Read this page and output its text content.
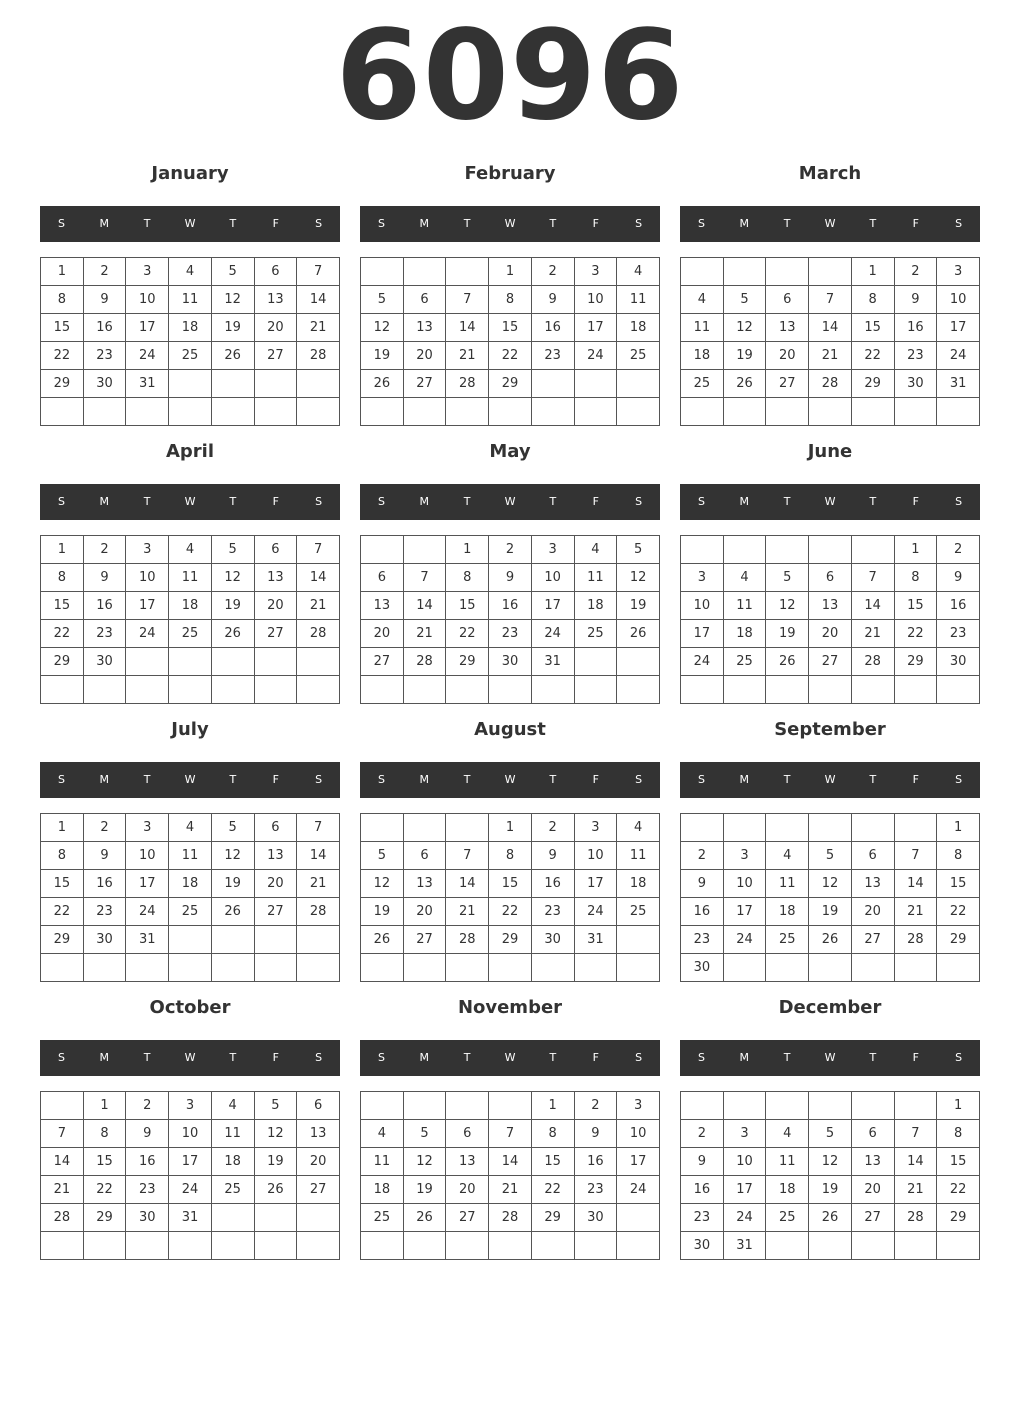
6096
January
S	M	T	W	T	F	S
1	2	3	4	5	6	7
8	9	10	11	12	13	14
15	16	17	18	19	20	21
22	23	24	25	26	27	28
29	30	31				

February
S	M	T	W	T	F	S
			1	2	3	4
5	6	7	8	9	10	11
12	13	14	15	16	17	18
19	20	21	22	23	24	25
26	27	28	29			

March
S	M	T	W	T	F	S
				1	2	3
4	5	6	7	8	9	10
11	12	13	14	15	16	17
18	19	20	21	22	23	24
25	26	27	28	29	30	31

April
S	M	T	W	T	F	S
1	2	3	4	5	6	7
8	9	10	11	12	13	14
15	16	17	18	19	20	21
22	23	24	25	26	27	28
29	30					

May
S	M	T	W	T	F	S
		1	2	3	4	5
6	7	8	9	10	11	12
13	14	15	16	17	18	19
20	21	22	23	24	25	26
27	28	29	30	31		

June
S	M	T	W	T	F	S
					1	2
3	4	5	6	7	8	9
10	11	12	13	14	15	16
17	18	19	20	21	22	23
24	25	26	27	28	29	30

July
S	M	T	W	T	F	S
1	2	3	4	5	6	7
8	9	10	11	12	13	14
15	16	17	18	19	20	21
22	23	24	25	26	27	28
29	30	31				

August
S	M	T	W	T	F	S
			1	2	3	4
5	6	7	8	9	10	11
12	13	14	15	16	17	18
19	20	21	22	23	24	25
26	27	28	29	30	31	

September
S	M	T	W	T	F	S
						1
2	3	4	5	6	7	8
9	10	11	12	13	14	15
16	17	18	19	20	21	22
23	24	25	26	27	28	29
30						
October
S	M	T	W	T	F	S
	1	2	3	4	5	6
7	8	9	10	11	12	13
14	15	16	17	18	19	20
21	22	23	24	25	26	27
28	29	30	31			

November
S	M	T	W	T	F	S
				1	2	3
4	5	6	7	8	9	10
11	12	13	14	15	16	17
18	19	20	21	22	23	24
25	26	27	28	29	30	

December
S	M	T	W	T	F	S
						1
2	3	4	5	6	7	8
9	10	11	12	13	14	15
16	17	18	19	20	21	22
23	24	25	26	27	28	29
30	31					
